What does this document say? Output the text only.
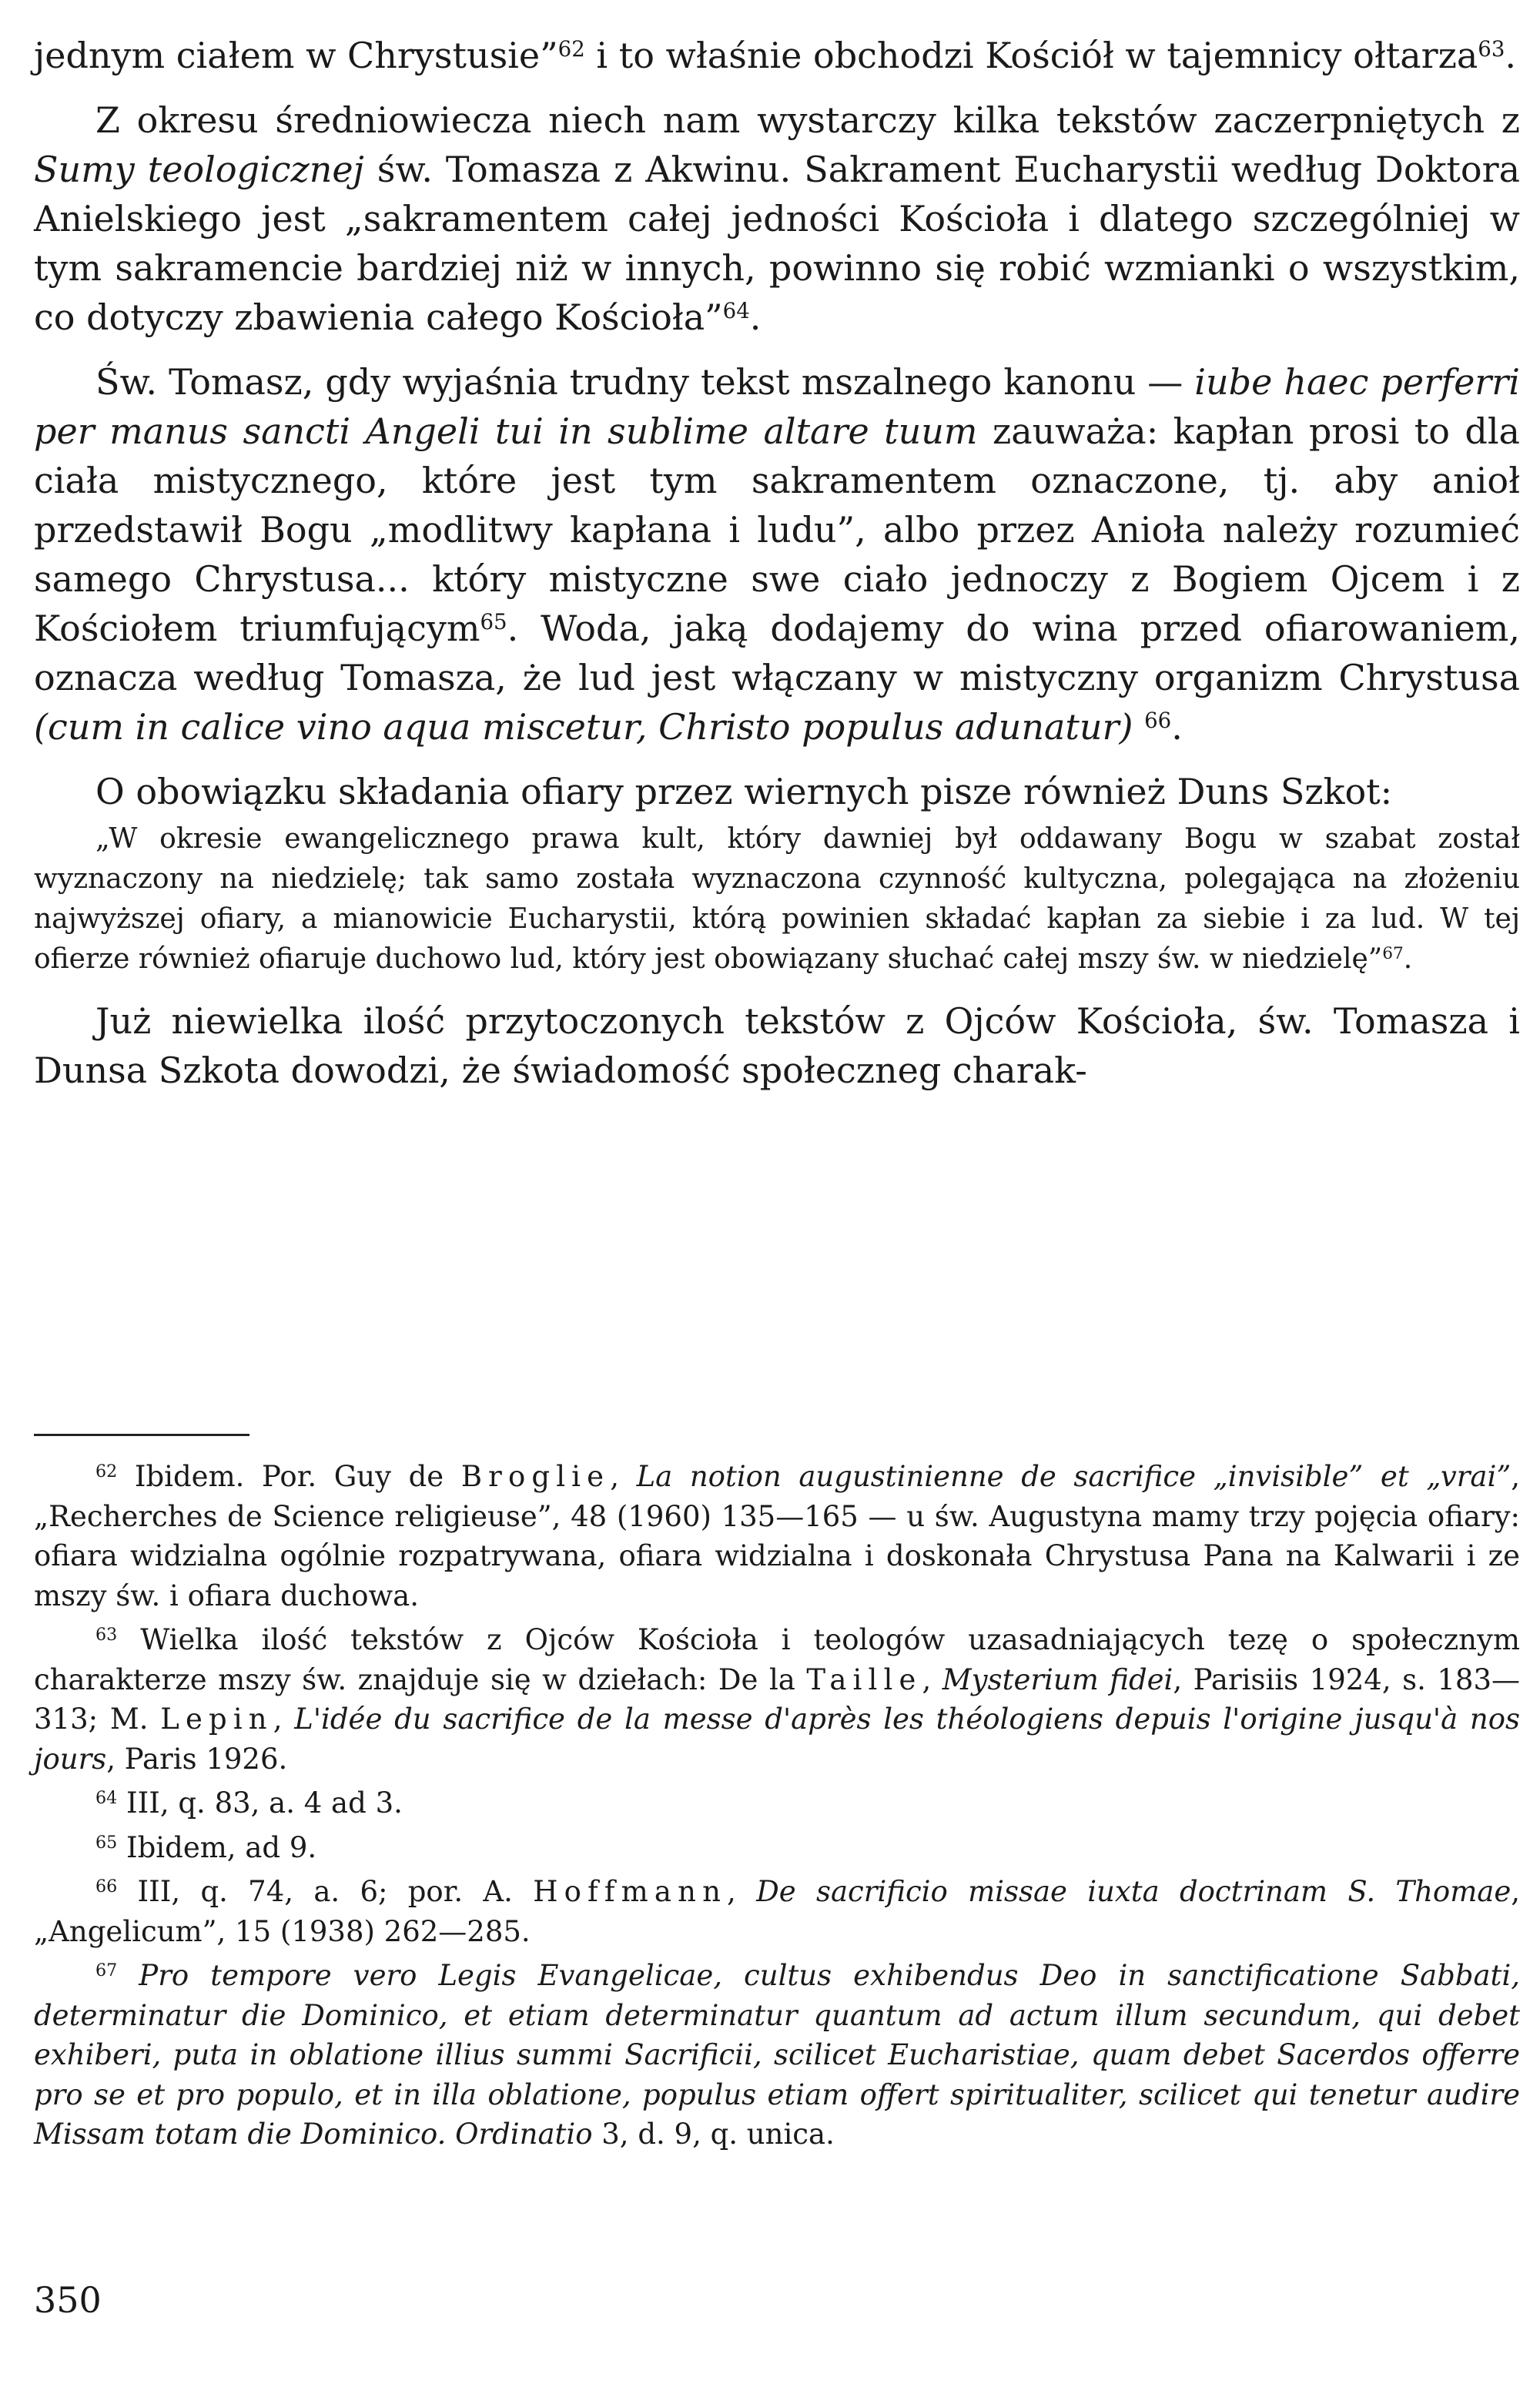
jednym ciałem w Chrystusie”$^{62}$ i to właśnie obchodzi Kościół w tajemnicy ołtarza$^{63}$.

Z okresu średniowiecza niech nam wystarczy kilka tekstów zaczerpniętych z Sumy teologicznej św. Tomasza z Akwinu. Sakrament Eucharystii według Doktora Anielskiego jest „sakramentem całej jedności Kościoła i dlatego szczególniej w tym sakramencie bardziej niż w innych, powinno się robić wzmianki o wszystkim, co dotyczy zbawienia całego Kościoła”$^{64}$.

Św. Tomasz, gdy wyjaśnia trudny tekst mszalnego kanonu — iube haec perferri per manus sancti Angeli tui in sublime altare tuum zauważa: kapłan prosi to dla ciała mistycznego, które jest tym sakramentem oznaczone, tj. aby anioł przedstawił Bogu „modlitwy kapłana i ludu”, albo przez Anioła należy rozumieć samego Chrystusa... który mistyczne swe ciało jednoczy z Bogiem Ojcem i z Kościołem triumfującym$^{65}$. Woda, jaką dodajemy do wina przed ofiarowaniem, oznacza według Tomasza, że lud jest włączany w mistyczny organizm Chrystusa (cum in calice vino aqua miscetur, Christo populus adunatur) $^{66}$.

O obowiązku składania ofiary przez wiernych pisze również Duns Szkot:

„W okresie ewangelicznego prawa kult, który dawniej był oddawany Bogu w szabat został wyznaczony na niedzielę; tak samo została wyznaczona czynność kultyczna, polegająca na złożeniu najwyższej ofiary, a mianowicie Eucharystii, którą powinien składać kapłan za siebie i za lud. W tej ofierze również ofiaruje duchowo lud, który jest obowiązany słuchać całej mszy św. w niedzielę”$^{67}$.

Już niewielka ilość przytoczonych tekstów z Ojców Kościoła, św. Tomasza i Dunsa Szkota dowodzi, że świadomość społeczneg charak-

$^{62}$ Ibidem. Por. Guy de Broglie, La notion augustinienne de sacrifice „invisible” et „vrai”, „Recherches de Science religieuse”, 48 (1960) 135—165 — u św. Augustyna mamy trzy pojęcia ofiary: ofiara widzialna ogólnie rozpatrywana, ofiara widzialna i doskonała Chrystusa Pana na Kalwarii i ze mszy św. i ofiara duchowa.
$^{63}$ Wielka ilość tekstów z Ojców Kościoła i teologów uzasadniających tezę o społecznym charakterze mszy św. znajduje się w dziełach: De la Taille, Mysterium fidei, Parisiis 1924, s. 183—313; M. Lepin, L'idée du sacrifice de la messe d'après les théologiens depuis l'origine jusqu'à nos jours, Paris 1926.
$^{64}$ III, q. 83, a. 4 ad 3.
$^{65}$ Ibidem, ad 9.
$^{66}$ III, q. 74, a. 6; por. A. Hoffmann, De sacrificio missae iuxta doctrinam S. Thomae, „Angelicum”, 15 (1938) 262—285.
$^{67}$ Pro tempore vero Legis Evangelicae, cultus exhibendus Deo in sanctificatione Sabbati, determinatur die Dominico, et etiam determinatur quantum ad actum illum secundum, qui debet exhiberi, puta in oblatione illius summi Sacrificii, scilicet Eucharistiae, quam debet Sacerdos offerre pro se et pro populo, et in illa oblatione, populus etiam offert spiritualiter, scilicet qui tenetur audire Missam totam die Dominico. Ordinatio 3, d. 9, q. unica.
350
